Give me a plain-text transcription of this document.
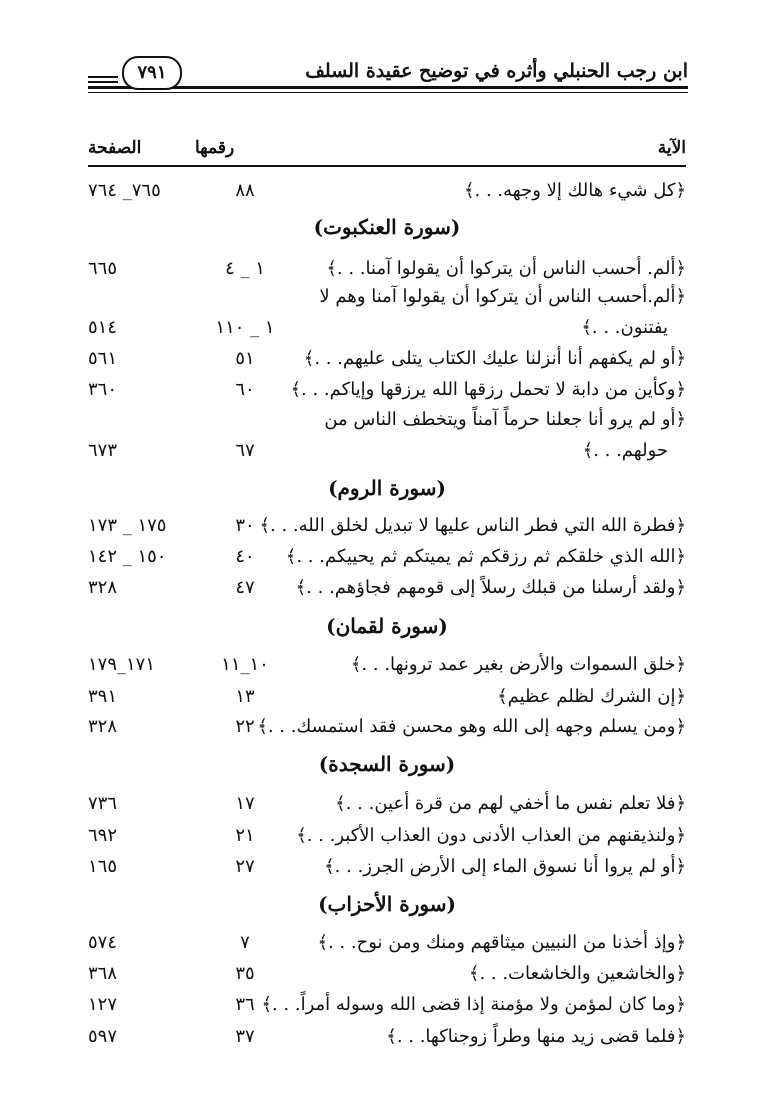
ابن رجب الحنبلي وأثره في توضيح عقيدة السلف
٧٩١
الآية
رقمها
الصفحة
﴿كل شيء هالك إلا وجهه. . .﴾
٨٨
٧٦٥_ ٧٦٤
(سورة العنكبوت)
﴿ألم. أحسب الناس أن يتركوا أن يقولوا آمنا. . .﴾
١ _ ٤
٦٦٥
﴿ألم.أحسب الناس أن يتركوا أن يقولوا آمنا وهم لا
يفتنون. . .﴾
١ _ ١١٠
٥١٤
﴿أو لم يكفهم أنا أنزلنا عليك الكتاب يتلى عليهم. . .﴾
٥١
٥٦١
﴿وكأين من دابة لا تحمل رزقها الله يرزقها وإياكم. . .﴾
٦٠
٣٦٠
﴿أو لم يرو أنا جعلنا حرماً آمناً ويتخطف الناس من
حولهم. . .﴾
٦٧
٦٧٣
(سورة الروم)
﴿فطرة الله التي فطر الناس عليها لا تبديل لخلق الله. . .﴾
٣٠
١٧٥ _ ١٧٣
﴿الله الذي خلقكم ثم رزقكم ثم يميتكم ثم يحييكم. . .﴾
٤٠
١٥٠ _ ١٤٢
﴿ولقد أرسلنا من قبلك رسلاً إلى قومهم فجاؤهم. . .﴾
٤٧
٣٢٨
(سورة لقمان)
﴿خلق السموات والأرض بغير عمد ترونها. . .﴾
١٠_١١
١٧١_١٧٩
﴿إن الشرك لظلم عظيم﴾
١٣
٣٩١
﴿ومن يسلم وجهه إلى الله وهو محسن فقد استمسك. . .﴾
٢٢
٣٢٨
(سورة السجدة)
﴿فلا تعلم نفس ما أخفي لهم من قرة أعين. . .﴾
١٧
٧٣٦
﴿ولنذيقنهم من العذاب الأدنى دون العذاب الأكبر. . .﴾
٢١
٦٩٢
﴿أو لم يروا أنا نسوق الماء إلى الأرض الجرز. . .﴾
٢٧
١٦٥
(سورة الأحزاب)
﴿وإذ أخذنا من النبيين ميثاقهم ومنك ومن نوح. . .﴾
٧
٥٧٤
﴿والخاشعين والخاشعات. . .﴾
٣٥
٣٦٨
﴿وما كان لمؤمن ولا مؤمنة إذا قضى الله وسوله أمراً. . .﴾
٣٦
١٢٧
﴿فلما قضى زيد منها وطراً زوجناكها. . .﴾
٣٧
٥٩٧
